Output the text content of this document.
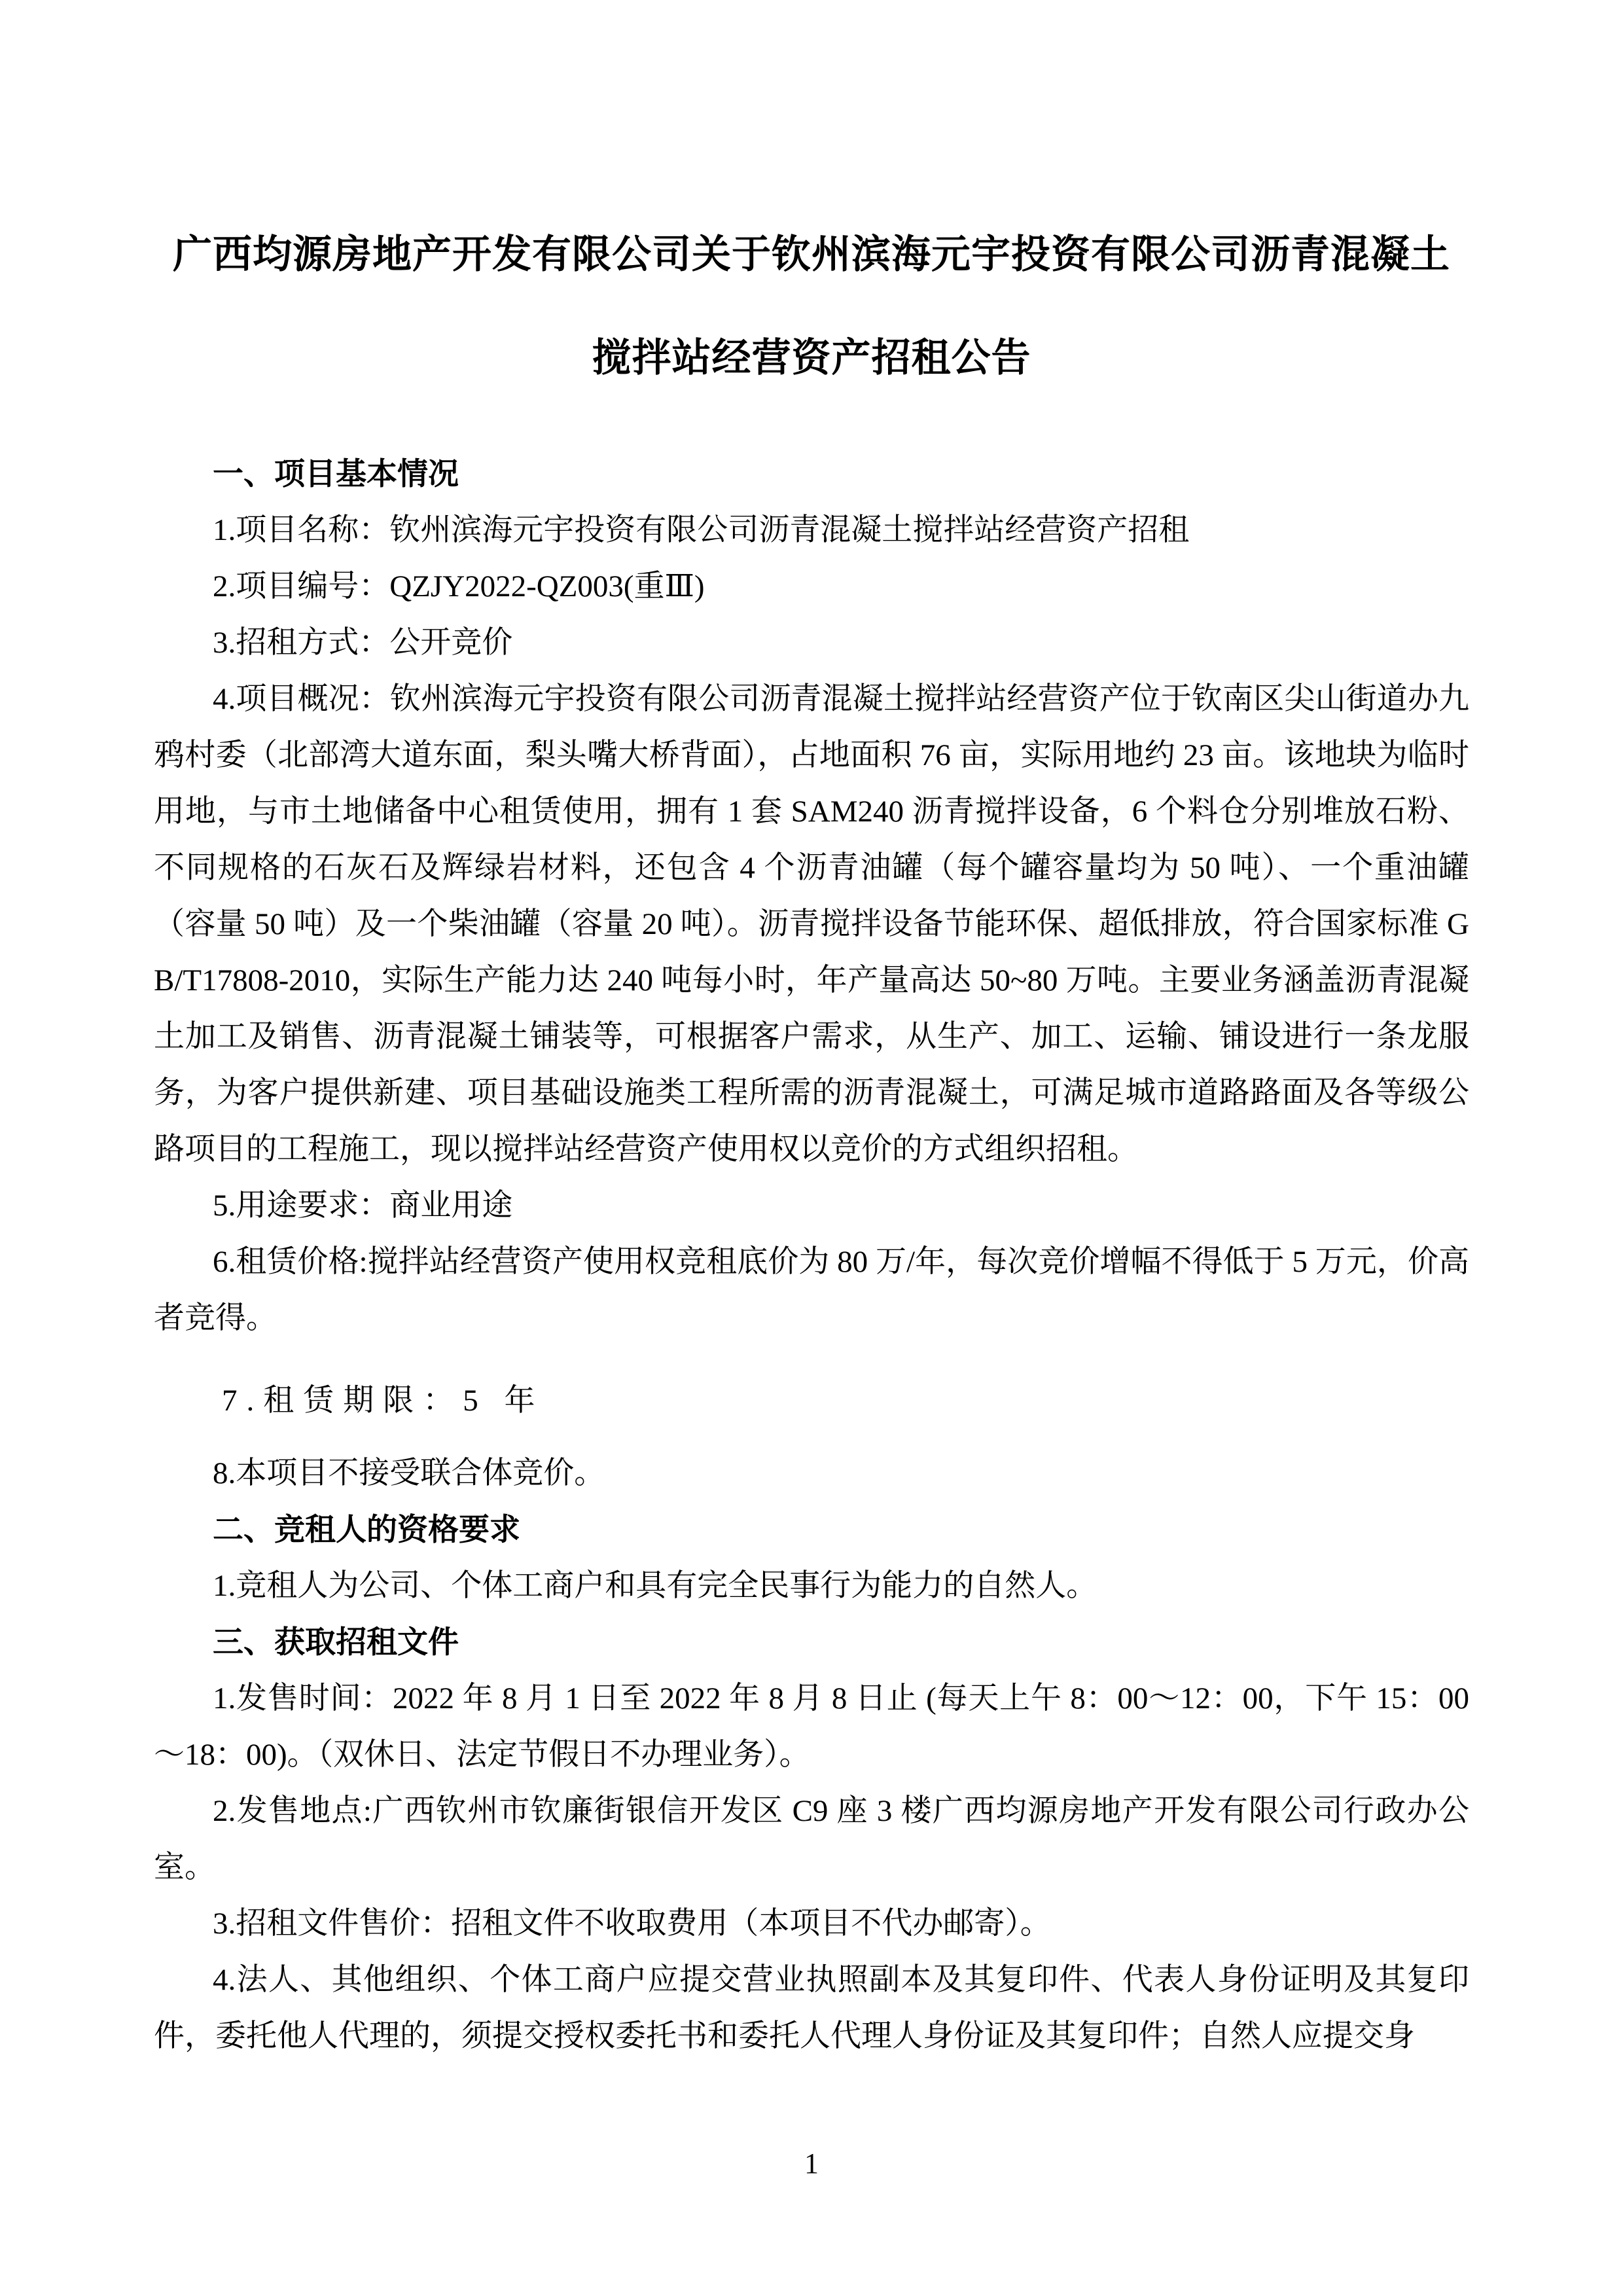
广西均源房地产开发有限公司关于钦州滨海元宇投资有限公司沥青混凝土搅拌站经营资产招租公告

一、项目基本情况

1.项目名称：钦州滨海元宇投资有限公司沥青混凝土搅拌站经营资产招租

2.项目编号：QZJY2022-QZ003(重Ⅲ)

3.招租方式：公开竞价

4.项目概况：钦州滨海元宇投资有限公司沥青混凝土搅拌站经营资产位于钦南区尖山街道办九鸦村委（北部湾大道东面，梨头嘴大桥背面），占地面积 76 亩，实际用地约 23 亩。该地块为临时用地，与市土地储备中心租赁使用，拥有 1 套 SAM240 沥青搅拌设备，6 个料仓分别堆放石粉、不同规格的石灰石及辉绿岩材料，还包含 4 个沥青油罐（每个罐容量均为 50 吨）、一个重油罐（容量 50 吨）及一个柴油罐（容量 20 吨）。沥青搅拌设备节能环保、超低排放，符合国家标准 GB/T17808-2010，实际生产能力达 240 吨每小时，年产量高达 50~80 万吨。主要业务涵盖沥青混凝土加工及销售、沥青混凝土铺装等，可根据客户需求，从生产、加工、运输、铺设进行一条龙服务，为客户提供新建、项目基础设施类工程所需的沥青混凝土，可满足城市道路路面及各等级公路项目的工程施工，现以搅拌站经营资产使用权以竞价的方式组织招租。

5.用途要求：商业用途

6.租赁价格:搅拌站经营资产使用权竞租底价为 80 万/年，每次竞价增幅不得低于 5 万元，价高者竞得。

7.租赁期限：5 年

8.本项目不接受联合体竞价。

二、竞租人的资格要求

1.竞租人为公司、个体工商户和具有完全民事行为能力的自然人。

三、获取招租文件

1.发售时间：2022 年 8 月 1 日至 2022 年 8 月 8 日止 (每天上午 8：00～12：00，下午 15：00～18：00)。（双休日、法定节假日不办理业务）。

2.发售地点:广西钦州市钦廉街银信开发区 C9 座 3 楼广西均源房地产开发有限公司行政办公室。

3.招租文件售价：招租文件不收取费用（本项目不代办邮寄）。

4.法人、其他组织、个体工商户应提交营业执照副本及其复印件、代表人身份证明及其复印件，委托他人代理的，须提交授权委托书和委托人代理人身份证及其复印件；自然人应提交身

1
